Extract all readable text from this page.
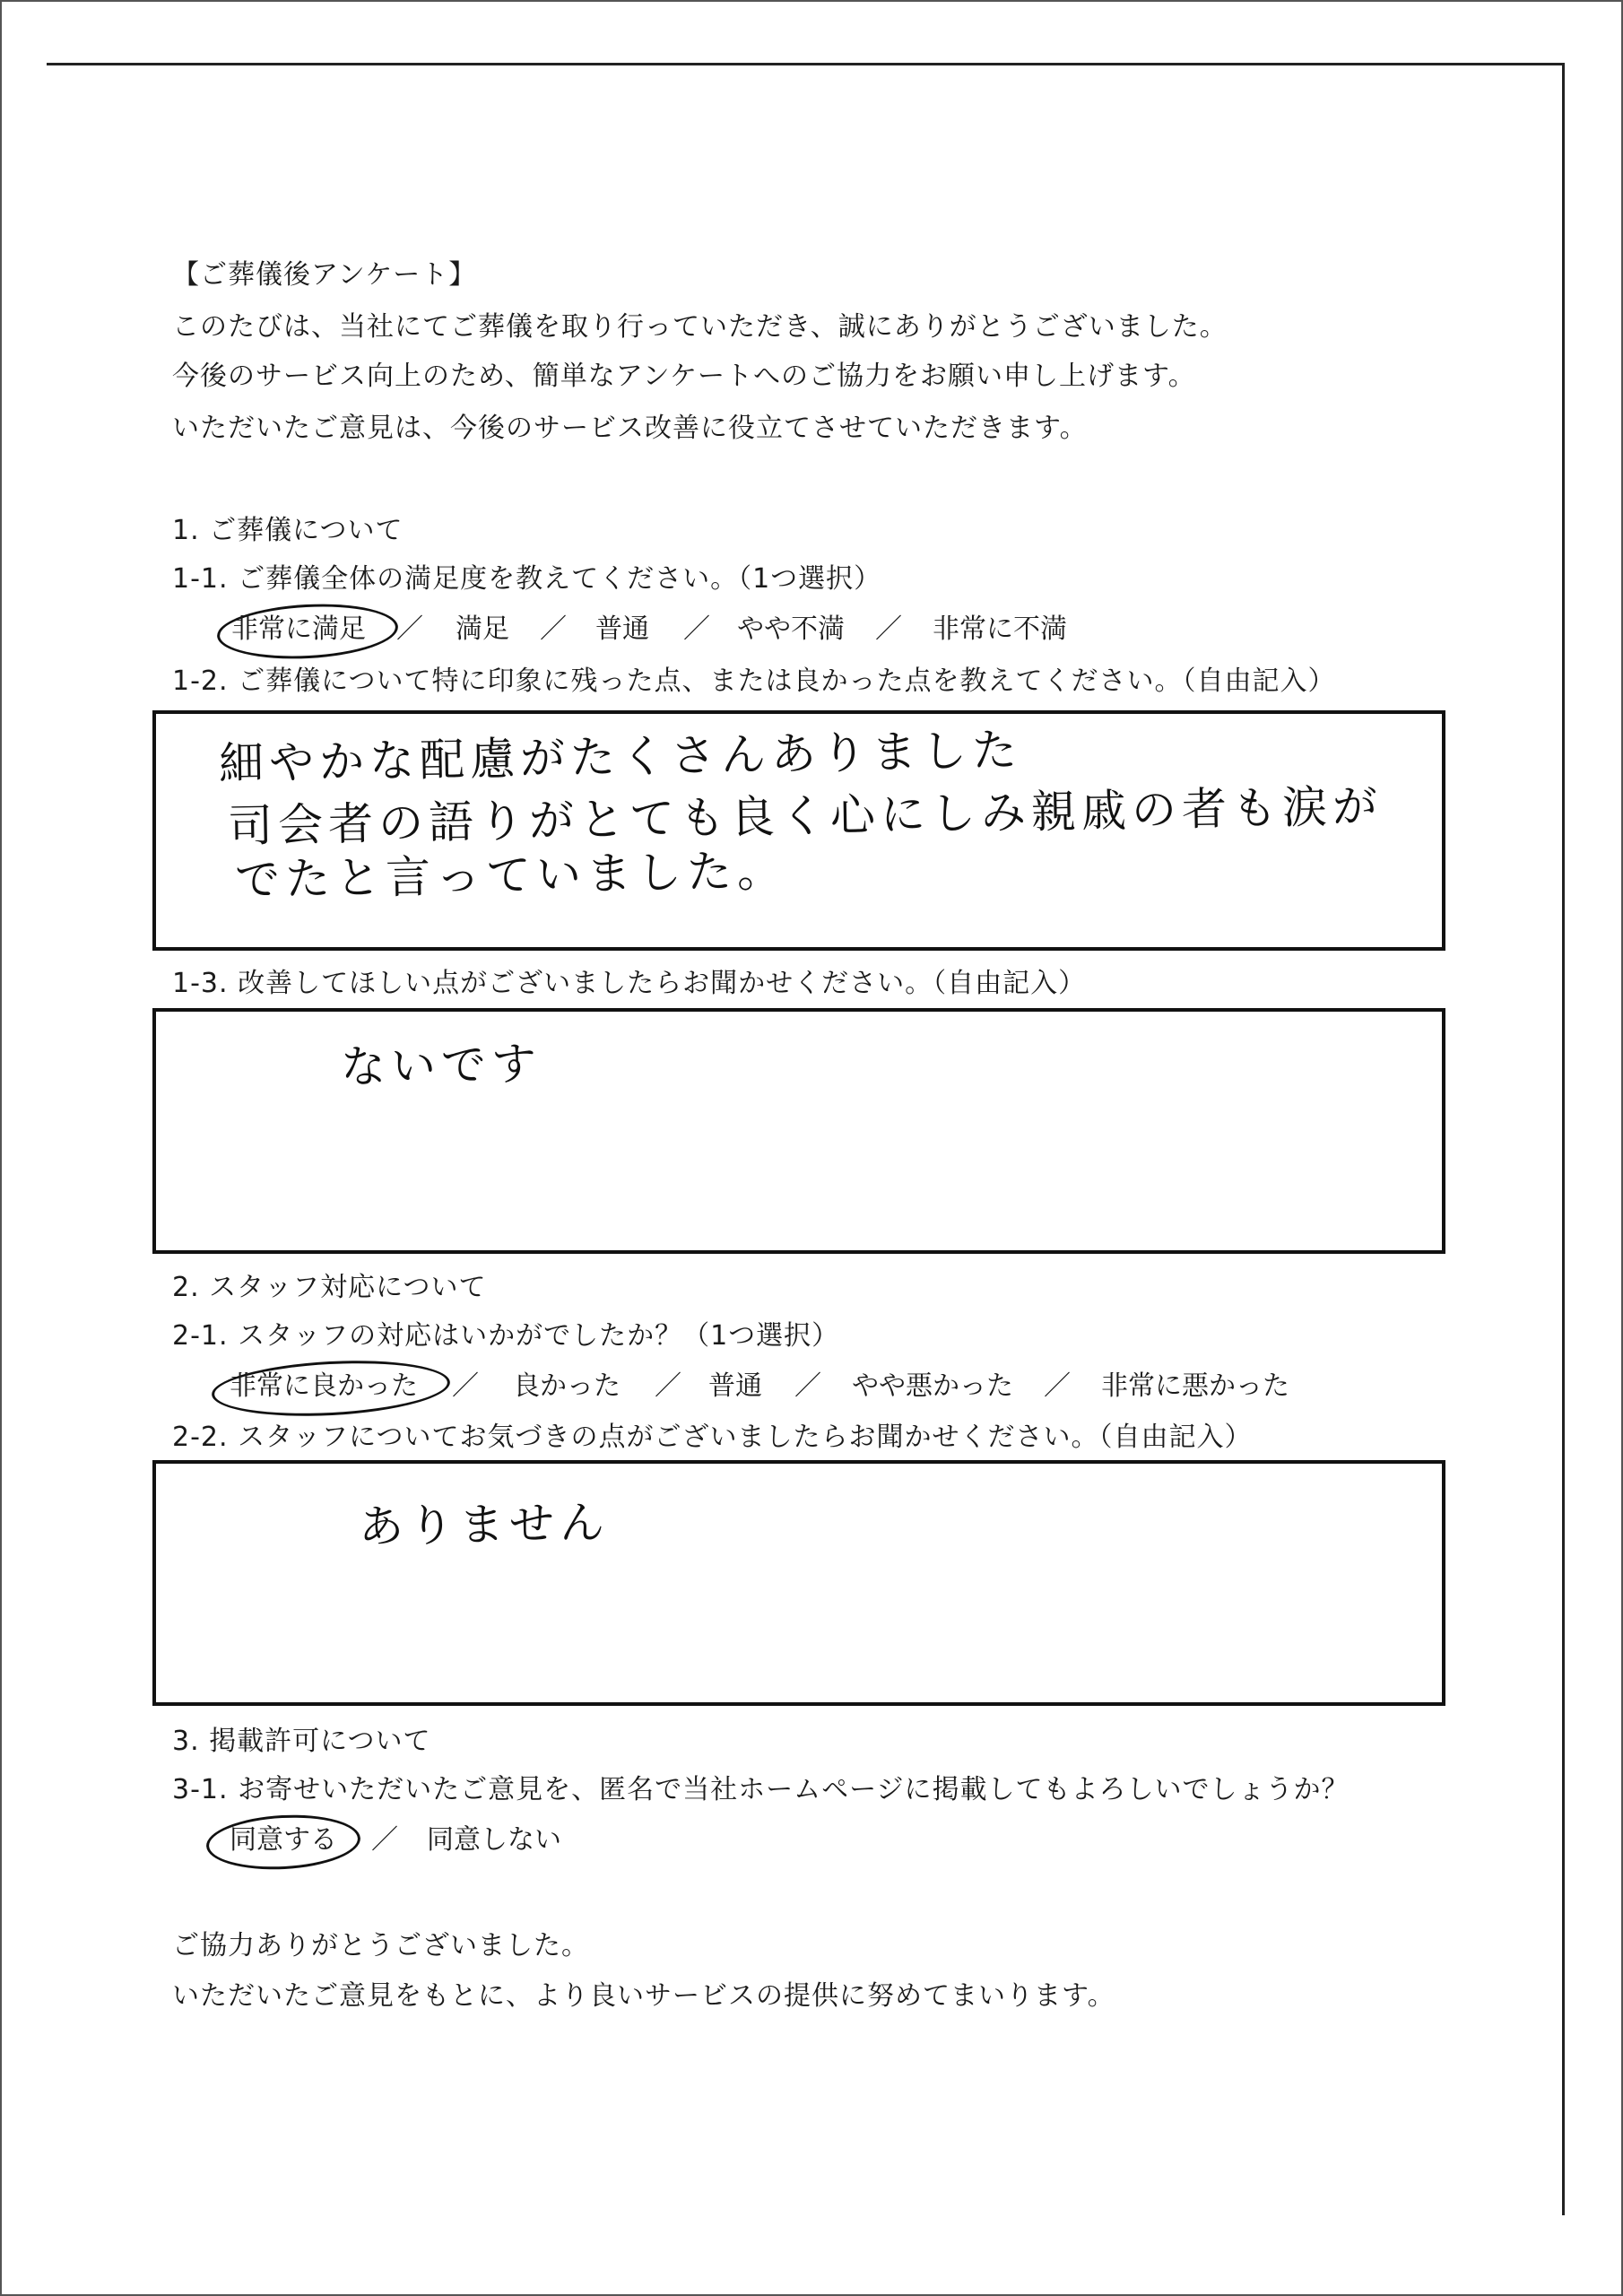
【ご葬儀後アンケート】
このたびは、当社にてご葬儀を取り行っていただき、誠にありがとうございました。
今後のサービス向上のため、簡単なアンケートへのご協力をお願い申し上げます。
いただいたご意見は、今後のサービス改善に役立てさせていただきます。
1. ご葬儀について
1-1. ご葬儀全体の満足度を教えてください。（1つ選択）
非常に満足 ／ 満足 ／ 普通 ／ やや不満 ／ 非常に不満
1-2. ご葬儀について特に印象に残った点、または良かった点を教えてください。（自由記入）
細やかな配慮がたくさんありました
司会者の語りがとても良く心にしみ親戚の者も涙が
でたと言っていました。
1-3. 改善してほしい点がございましたらお聞かせください。（自由記入）
ないです
2. スタッフ対応について
2-1. スタッフの対応はいかがでしたか？（1つ選択）
非常に良かった ／ 良かった ／ 普通 ／ やや悪かった ／ 非常に悪かった
2-2. スタッフについてお気づきの点がございましたらお聞かせください。（自由記入）
ありません
3. 掲載許可について
3-1. お寄せいただいたご意見を、匿名で当社ホームページに掲載してもよろしいでしょうか？
同意する ／ 同意しない
ご協力ありがとうございました。
いただいたご意見をもとに、より良いサービスの提供に努めてまいります。
